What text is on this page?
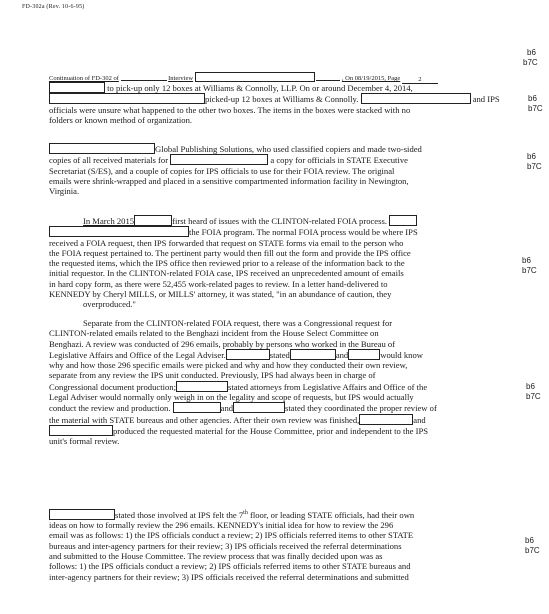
FD-302a (Rev. 10-6-95)
b6
b7C
b6
b7C
b6
b7C
b6
b7C
b6
b7C
b6
b7C
Continuation of FD-302 of	Interview	, On 08/19/2015, Page	2

to pick-up only 12 boxes at Williams & Connolly, LLP. On or around December 4, 2014,

picked-up 12 boxes at Williams & Connolly.	and IPS

officials were unsure what happened to the other two boxes. The items in the boxes were stacked with no

folders or known method of organization.

Global Publishing Solutions, who used classified copiers and made two-sided

copies of all received materials for	a copy for officials in STATE Executive

Secretariat (S/ES), and a couple of copies for IPS officials to use for their FOIA review. The original

emails were shrink-wrapped and placed in a sensitive compartmented information facility in Newington,

Virginia.

In March 2015	first heard of issues with the CLINTON-related FOIA process.

the FOIA program. The normal FOIA process would be where IPS

received a FOIA request, then IPS forwarded that request on STATE forms via email to the person who

the FOIA request pertained to. The pertinent party would then fill out the form and provide the IPS office

the requested items, which the IPS office then reviewed prior to a release of the information back to the

initial requestor. In the CLINTON-related FOIA case, IPS received an unprecedented amount of emails

in hard copy form, as there were 52,455 work-related pages to review. In a letter hand-delivered to

KENNEDY by Cheryl MILLS, or MILLS' attorney, it was stated, "in an abundance of caution, they

overproduced."

Separate from the CLINTON-related FOIA request, there was a Congressional request for

CLINTON-related emails related to the Benghazi incident from the House Select Committee on

Benghazi. A review was conducted of 296 emails, probably by persons who worked in the Bureau of

Legislative Affairs and Office of the Legal Adviser.	stated	and	would know

why and how those 296 specific emails were picked and why and how they conducted their own review,

separate from any review the IPS unit conducted. Previously, IPS had always been in charge of

Congressional document production;	stated attorneys from Legislative Affairs and Office of the

Legal Adviser would normally only weigh in on the legality and scope of requests, but IPS would actually

conduct the review and production.	and	stated they coordinated the proper review of

the material with STATE bureaus and other agencies. After their own review was finished,	and

produced the requested material for the House Committee, prior and independent to the IPS

unit's formal review.

stated those involved at IPS felt the 7th floor, or leading STATE officials, had their own

ideas on how to formally review the 296 emails. KENNEDY's initial idea for how to review the 296

email was as follows: 1) the IPS officials conduct a review; 2) IPS officials referred items to other STATE

bureaus and inter-agency partners for their review; 3) IPS officials received the referral determinations

and submitted to the House Committee. The review process that was finally decided upon was as

follows: 1) the IPS officials conduct a review; 2) IPS officials referred items to other STATE bureaus and

inter-agency partners for their review; 3) IPS officials received the referral determinations and submitted
